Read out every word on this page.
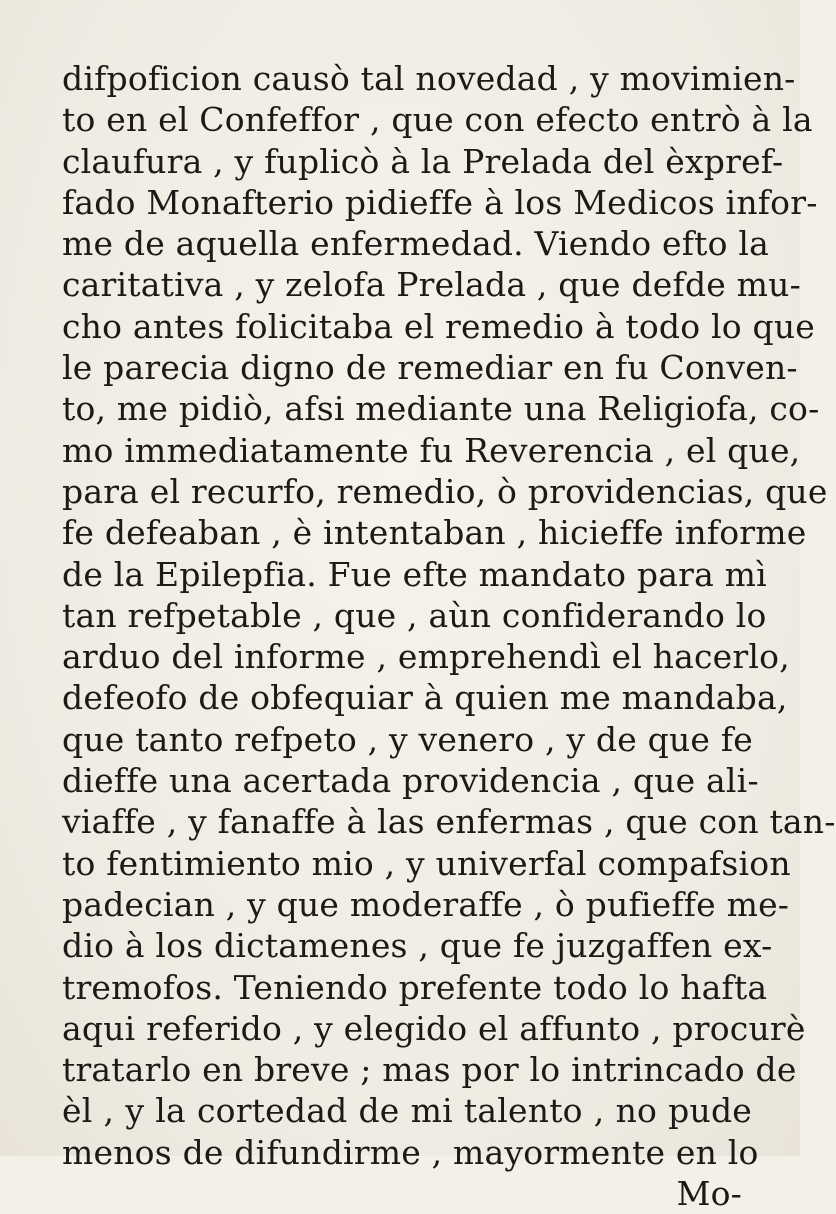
difpoficion causò tal novedad , y movimien-
to en el Confeffor , que con efecto entrò à la
claufura , y fuplicò à la Prelada del èxpref-
fado Monafterio pidieffe à los Medicos infor-
me de aquella enfermedad. Viendo efto la
caritativa , y zelofa Prelada , que defde mu-
cho antes folicitaba el remedio à todo lo que
le parecia digno de remediar en fu Conven-
to, me pidiò, afsi mediante una Religiofa, co-
mo immediatamente fu Reverencia , el que,
para el recurfo, remedio, ò providencias, que
fe defeaban , è intentaban , hicieffe informe
de la Epilepfia. Fue efte mandato para mì
tan refpetable , que , aùn confiderando lo
arduo del informe , emprehendì el hacerlo,
defeofo de obfequiar à quien me mandaba,
que tanto refpeto , y venero , y de que fe
dieffe una acertada providencia , que ali-
viaffe , y fanaffe à las enfermas , que con tan-
to fentimiento mio , y univerfal compafsion
padecian , y que moderaffe , ò pufieffe me-
dio à los dictamenes , que fe juzgaffen ex-
tremofos. Teniendo prefente todo lo hafta
aqui referido , y elegido el affunto , procurè
tratarlo en breve ; mas por lo intrincado de
èl , y la cortedad de mi talento , no pude
menos de difundirme , mayormente en lo
Mo-
